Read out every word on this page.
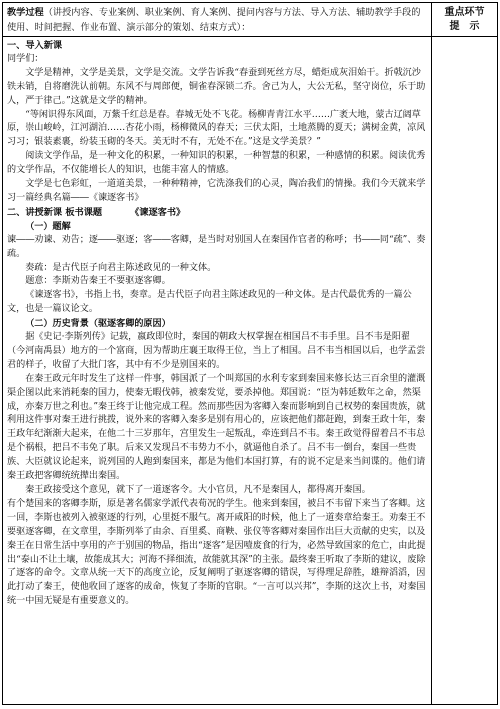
教学过程（讲授内容、专业案例、职业案例、育人案例、提问内容与方法、导入方法、辅助教学手段的使用、时间把握、作业布置、演示部分的策划、结束方式）：
重点环节
提　示

一、导入新课

同学们：

文学是精神，文学是美景，文学是交流。文学告诉我“春蚕到死丝方尽，蜡炬成灰泪始干。折戟沉沙铁未销，自将磨洗认前朝。东风不与周郎便，铜雀春深锁二乔。舍己为人，大公无私，坚守岗位，乐于助人，严于律己。”这就是文学的精神。

“等闲识得东风面，万紫千红总是春。春城无处不飞花。杨柳青青江水平……广袤大地，蒙古辽阔草原，崇山峻岭，江河湖泊……杏花小雨，杨柳微风的春天；三伏太阳，土地蒸腾的夏天；满树金黄，凉风习习；银装素裹，纷装玉砌的冬天。美无时不有，无处不在。”这是文学美景？”

阅读文学作品，是一种文化的积累，一种知识的积累，一种智慧的积累，一种感情的积累。阅读优秀的文学作品，不仅能增长人的知识，也能丰富人的情感。

文学是七色彩虹，一道道美景，一种种精神，它洗涤我们的心灵，陶冶我们的情操。我们今天就来学习一篇经典名篇――《谏逐客书》

二、讲授新课 板书课题	《谏逐客书》

（一）题解

谏――劝谏、劝告；逐――驱逐；客――客卿，是当时对别国人在秦国作官者的称呼；书――同“疏”、奏疏。

奏疏：是古代臣子向君主陈述政见的一种文体。

题意：李斯劝告秦王不要驱逐客卿。

《谏逐客书》，书指上书，奏章。是古代臣子向君主陈述政见的一种文体。是古代最优秀的一篇公文，也是一篇议论文。

（二）历史背景（驱逐客卿的原因）

据《史记·李斯列传》记载，嬴政即位时，秦国的朝政大权掌握在相国吕不韦手里。吕不韦是阳翟（今河南禹县）地方的一个富商，因为帮助庄襄王取得王位，当上了相国。吕不韦当相国以后，也学孟尝君的样子，收留了大批门客，其中有不少是别国来的。

在秦王政元年时发生了这样一件事，韩国派了一个叫郑国的水利专家到秦国来修长达三百余里的灌溉渠企图以此来消耗秦的国力，使秦无暇伐韩，被秦发觉，要杀掉他。郑国说：“臣为韩延数年之命，然渠成，亦秦万世之利也。”秦王终于让他完成工程。然而那些因为客卿入秦而影响到自己权势的秦国贵族，就利用这件事对秦王进行挑拨，说外来的客卿入秦多是别有用心的，应该把他们都赶跑，到秦王政十年，秦王政年纪渐渐大起来，在他二十三岁那年，宫里发生一起叛乱，牵连到吕不韦。秦王政觉得留着吕不韦总是个祸根，把吕不韦免了职。后来又发现吕不韦势力不小，就逼他自杀了。吕不韦一倒台，秦国一些贵族、大臣就议论起来，说列国的人跑到秦国来，都是为他们本国打算，有的说不定是来当间谍的。他们请秦王政把客卿统统撵出秦国。

秦王政接受这个意见，就下了一道逐客令。大小官员，凡不是秦国人，都得离开秦国。

有个楚国来的客卿李斯，原是著名儒家学派代表荀况的学生。他来到秦国，被吕不韦留下来当了客卿。这一回，李斯也被列入被驱逐的行列，心里挺不服气。离开咸阳的时候，他上了一道奏章给秦王。劝秦王不要驱逐客卿，在文章里，李斯列举了由余、百里奚、商鞅、张仪等客卿对秦国作出巨大贡献的史实，以及秦王在日常生活中享用的产于别国的物品，指出“逐客”是因噎废食的行为，必然导致国家的危亡，由此提出“泰山不让土壤，故能成其大；河海不择细流，故能就其深”的主张。最终秦王听取了李斯的建议，废除了逐客的命令。文章从统一天下的高度立论，反复阐明了驱逐客卿的错误，写得理足辞胜，雄辩滔滔，因此打动了秦王，使他收回了逐客的成命，恢复了李斯的官职。“一言可以兴邦”，李斯的这次上书，对秦国统一中国无疑是有重要意义的。
